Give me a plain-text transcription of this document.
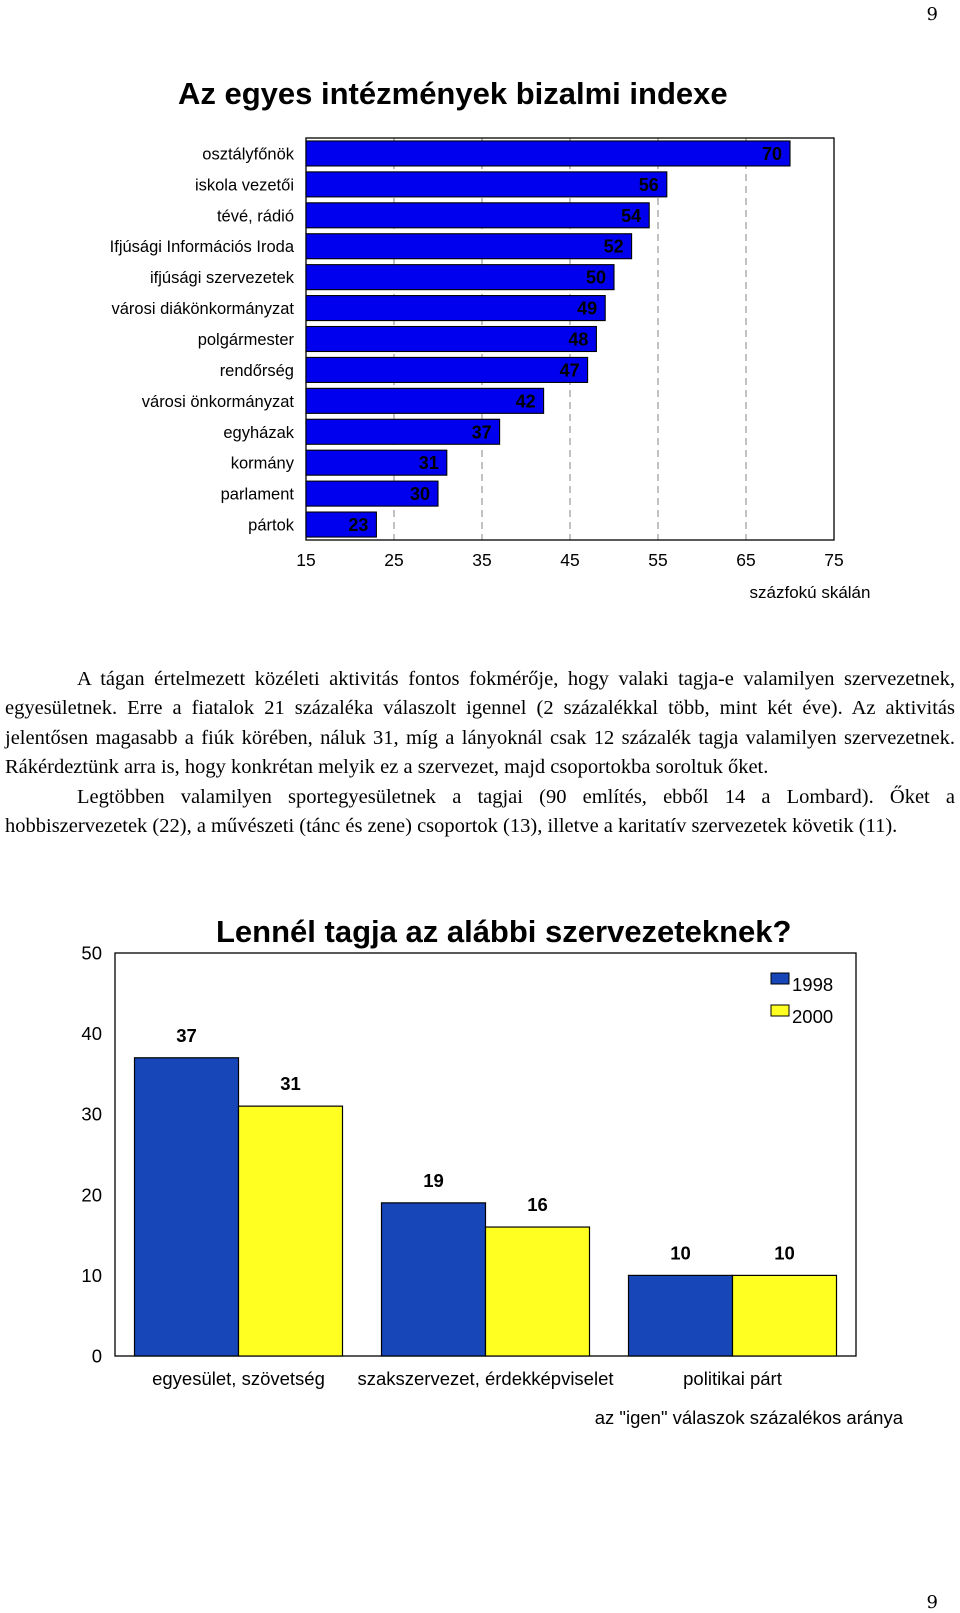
9
Az egyes intézmények bizalmi indexe
70
56
54
52
50
49
48
47
42
37
31
30
23
osztályfőnök
iskola vezetői
tévé, rádió
Ifjúsági Információs Iroda
ifjúsági szervezetek
városi diákönkormányzat
polgármester
rendőrség
városi önkormányzat
egyházak
kormány
parlament
pártok
15	25	35	45	55	65	75
százfokú skálán

A tágan értelmezett közéleti aktivitás fontos fokmérője, hogy valaki tagja-e valamilyen szervezetnek, egyesületnek. Erre a fiatalok 21 százaléka válaszolt igennel (2 százalékkal több, mint két éve). Az aktivitás jelentősen magasabb a fiúk körében, náluk 31, míg a lányoknál csak 12 százalék tagja valamilyen szervezetnek. Rákérdeztünk arra is, hogy konkrétan melyik ez a szervezet, majd csoportokba soroltuk őket.

Legtöbben valamilyen sportegyesületnek a tagjai (90 említés, ebből 14 a Lombard). Őket a hobbiszervezetek (22), a művészeti (tánc és zene) csoportok (13), illetve a karitatív szervezetek követik (11).

Lennél tagja az alábbi szervezeteknek?
37
31
19
16
10	10
0
10
20
30
40
50
egyesület, szövetség szakszervezet, érdekképviselet	politikai párt
1998
2000
az "igen" válaszok százalékos aránya
9
